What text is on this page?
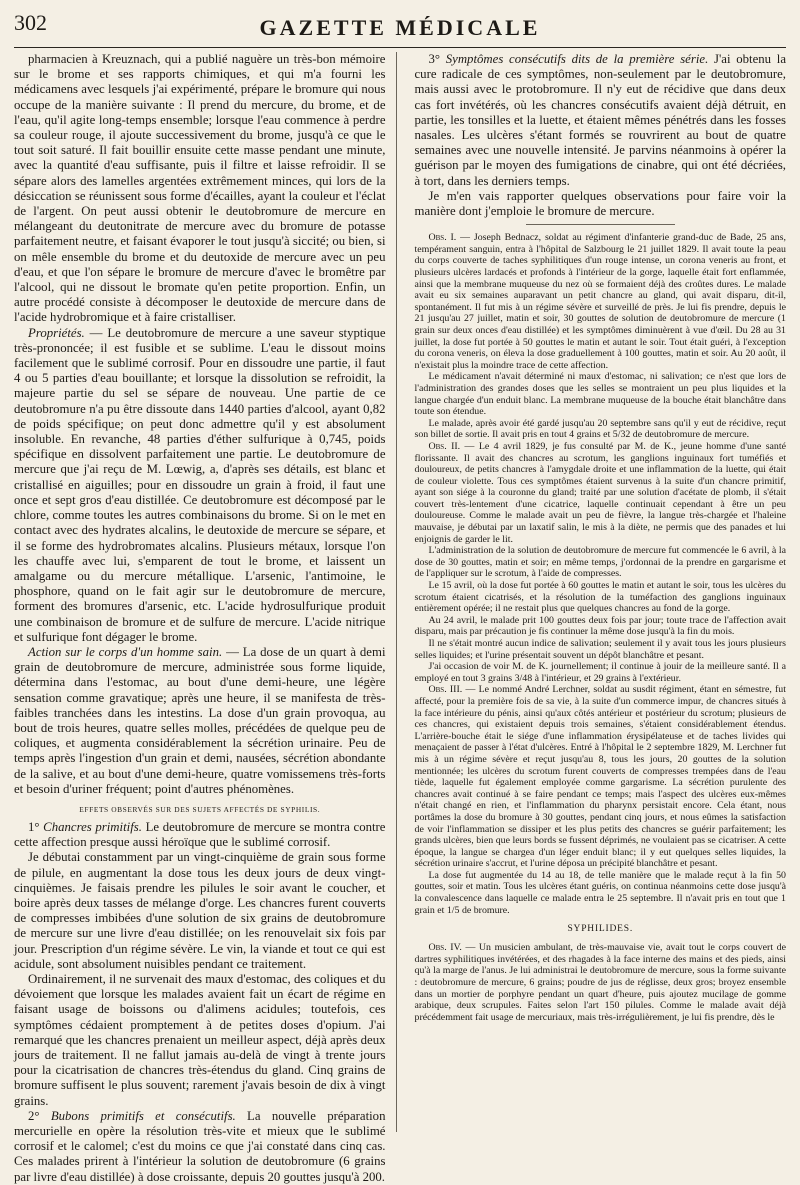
302	GAZETTE MÉDICALE

pharmacien à Kreuznach, qui a publié naguère un très-bon mémoire sur le brome et ses rapports chimiques, et qui m'a fourni les médicamens avec lesquels j'ai expérimenté, prépare le bromure qui nous occupe de la manière suivante : Il prend du mercure, du brome, et de l'eau, qu'il agite long-temps ensemble; lorsque l'eau commence à perdre sa couleur rouge, il ajoute successivement du brome, jusqu'à ce que le tout soit saturé. Il fait bouillir ensuite cette masse pendant une minute, avec la quantité d'eau suffisante, puis il filtre et laisse refroidir. Il se sépare alors des lamelles argentées extrêmement minces, qui lors de la désiccation se réunissent sous forme d'écailles, ayant la couleur et l'éclat de l'argent. On peut aussi obtenir le deutobromure de mercure en mélangeant du deutonitrate de mercure avec du bromure de potasse parfaitement neutre, et faisant évaporer le tout jusqu'à siccité; ou bien, si on mêle ensemble du brome et du deutoxide de mercure avec un peu d'eau, et que l'on sépare le bromure de mercure d'avec le bromêtre par l'alcool, qui ne dissout le bromate qu'en petite proportion. Enfin, un autre procédé consiste à décomposer le deutoxide de mercure dans de l'acide hydrobromique et à faire cristalliser.

Propriétés. — Le deutobromure de mercure a une saveur styptique très-prononcée; il est fusible et se sublime. L'eau le dissout moins facilement que le sublimé corrosif. Pour en dissoudre une partie, il faut 4 ou 5 parties d'eau bouillante; et lorsque la dissolution se refroidit, la majeure partie du sel se sépare de nouveau. Une partie de ce deutobromure n'a pu être dissoute dans 1440 parties d'alcool, ayant 0,82 de poids spécifique; on peut donc admettre qu'il y est absolument insoluble. En revanche, 48 parties d'éther sulfurique à 0,745, poids spécifique en dissolvent parfaitement une partie. Le deutobromure de mercure que j'ai reçu de M. Lœwig, a, d'après ses détails, est blanc et cristallisé en aiguilles; pour en dissoudre un grain à froid, il faut une once et sept gros d'eau distillée. Ce deutobromure est décomposé par le chlore, comme toutes les autres combinaisons du brome. Si on le met en contact avec des hydrates alcalins, le deutoxide de mercure se sépare, et il se forme des hydrobromates alcalins. Plusieurs métaux, lorsque l'on les chauffe avec lui, s'emparent de tout le brome, et laissent un amalgame ou du mercure métallique. L'arsenic, l'antimoine, le phosphore, quand on le fait agir sur le deutobromure de mercure, forment des bromures d'arsenic, etc. L'acide hydrosulfurique produit une combinaison de bromure et de sulfure de mercure. L'acide nitrique et sulfurique font dégager le brome.

Action sur le corps d'un homme sain. — La dose de un quart à demi grain de deutobromure de mercure, administrée sous forme liquide, détermina dans l'estomac, au bout d'une demi-heure, une légère sensation comme gravatique; après une heure, il se manifesta de très-faibles tranchées dans les intestins. La dose d'un grain provoqua, au bout de trois heures, quatre selles molles, précédées de quelque peu de coliques, et augmenta considérablement la sécrétion urinaire. Peu de temps après l'ingestion d'un grain et demi, nausées, sécrétion abondante de la salive, et au bout d'une demi-heure, quatre vomissemens très-forts et besoin d'uriner fréquent; point d'autres phénomènes.

EFFETS OBSERVÉS SUR DES SUJETS AFFECTÉS DE SYPHILIS.

1° Chancres primitifs. Le deutobromure de mercure se montra contre cette affection presque aussi héroïque que le sublimé corrosif.

Je débutai constamment par un vingt-cinquième de grain sous forme de pilule, en augmentant la dose tous les deux jours de deux vingt-cinquièmes. Je faisais prendre les pilules le soir avant le coucher, et boire après deux tasses de mélange d'orge. Les chancres furent couverts de compresses imbibées d'une solution de six grains de deutobromure de mercure sur une livre d'eau distillée; on les renouvelait six fois par jour. Prescription d'un régime sévère. Le vin, la viande et tout ce qui est acidule, sont absolument nuisibles pendant ce traitement.

Ordinairement, il ne survenait des maux d'estomac, des coliques et du dévoiement que lorsque les malades avaient fait un écart de régime en faisant usage de boissons ou d'alimens acidules; toutefois, ces symptômes cédaient promptement à de petites doses d'opium. J'ai remarqué que les chancres prenaient un meilleur aspect, déjà après deux jours de traitement. Il ne fallut jamais au-delà de vingt à trente jours pour la cicatrisation de chancres très-étendus du gland. Cinq grains de bromure suffisent le plus souvent; rarement j'avais besoin de dix à vingt grains.

2° Bubons primitifs et consécutifs. La nouvelle préparation mercurielle en opère la résolution très-vite et mieux que le sublimé corrosif et le calomel; c'est du moins ce que j'ai constaté dans cinq cas. Ces malades prirent à l'intérieur la solution de deutobromure (6 grains par livre d'eau distillée) à dose croissante, depuis 20 gouttes jusqu'à 200.

3° Symptômes consécutifs dits de la première série. J'ai obtenu la cure radicale de ces symptômes, non-seulement par le deutobromure, mais aussi avec le protobromure. Il n'y eut de récidive que dans deux cas fort invétérés, où les chancres consécutifs avaient déjà détruit, en partie, les tonsilles et la luette, et étaient mêmes pénétrés dans les fosses nasales. Les ulcères s'étant formés se rouvrirent au bout de quatre semaines avec une nouvelle intensité. Je parvins néanmoins à opérer la guérison par le moyen des fumigations de cinabre, qui ont été décriées, à tort, dans les derniers temps.

Je m'en vais rapporter quelques observations pour faire voir la manière dont j'emploie le bromure de mercure.

Obs. I. — Joseph Bednacz, soldat au régiment d'infanterie grand-duc de Bade, 25 ans, tempérament sanguin, entra à l'hôpital de Salzbourg le 21 juillet 1829. Il avait toute la peau du corps couverte de taches syphilitiques d'un rouge intense, un corona veneris au front, et plusieurs ulcères lardacés et profonds à l'intérieur de la gorge, laquelle était fort enflammée, ainsi que la membrane muqueuse du nez où se formaient déjà des croûtes dures. Le malade avait eu six semaines auparavant un petit chancre au gland, qui avait disparu, dit-il, spontanément. Il fut mis à un régime sévère et surveillé de près. Je lui fis prendre, depuis le 21 jusqu'au 27 juillet, matin et soir, 30 gouttes de solution de deutobromure de mercure (1 grain sur deux onces d'eau distillée) et les symptômes diminuèrent à vue d'œil. Du 28 au 31 juillet, la dose fut portée à 50 gouttes le matin et autant le soir. Tout était guéri, à l'exception du corona veneris, on éleva la dose graduellement à 100 gouttes, matin et soir. Au 20 août, il n'existait plus la moindre trace de cette affection.

Le médicament n'avait déterminé ni maux d'estomac, ni salivation; ce n'est que lors de l'administration des grandes doses que les selles se montraient un peu plus liquides et la langue chargée d'un enduit blanc. La membrane muqueuse de la bouche était blanchâtre dans toute son étendue.

Le malade, après avoir été gardé jusqu'au 20 septembre sans qu'il y eut de récidive, reçut son billet de sortie. Il avait pris en tout 4 grains et 5/32 de deutobromure de mercure.

Obs. II. — Le 4 avril 1829, je fus consulté par M. de K., jeune homme d'une santé florissante. Il avait des chancres au scrotum, les ganglions inguinaux fort tuméfiés et douloureux, de petits chancres à l'amygdale droite et une inflammation de la luette, qui était de couleur violette. Tous ces symptômes étaient survenus à la suite d'un chancre primitif, ayant son siége à la couronne du gland; traité par une solution d'acétate de plomb, il s'était couvert très-lentement d'une cicatrice, laquelle continuait cependant à être un peu douloureuse. Comme le malade avait un peu de fièvre, la langue très-chargée et l'haleine mauvaise, je débutai par un laxatif salin, le mis à la diète, ne permis que des panades et lui enjoignis de garder le lit.

L'administration de la solution de deutobromure de mercure fut commencée le 6 avril, à la dose de 30 gouttes, matin et soir; en même temps, j'ordonnai de la prendre en gargarisme et de l'appliquer sur le scrotum, à l'aide de compresses.

Le 15 avril, où la dose fut portée à 60 gouttes le matin et autant le soir, tous les ulcères du scrotum étaient cicatrisés, et la résolution de la tuméfaction des ganglions inguinaux entièrement opérée; il ne restait plus que quelques chancres au fond de la gorge.

Au 24 avril, le malade prit 100 gouttes deux fois par jour; toute trace de l'affection avait disparu, mais par précaution je fis continuer la même dose jusqu'à la fin du mois.

Il ne s'était montré aucun indice de salivation; seulement il y avait tous les jours plusieurs selles liquides; et l'urine présentait souvent un dépôt blanchâtre et pesant.

J'ai occasion de voir M. de K. journellement; il continue à jouir de la meilleure santé. Il a employé en tout 3 grains 3/48 à l'intérieur, et 29 grains à l'extérieur.

Obs. III. — Le nommé André Lerchner, soldat au susdit régiment, étant en sémestre, fut affecté, pour la première fois de sa vie, à la suite d'un commerce impur, de chancres situés à la face intérieure du pénis, ainsi qu'aux côtés antérieur et postérieur du scrotum; plusieurs de ces chancres, qui existaient depuis trois semaines, s'étaient considérablement étendus. L'arrière-bouche était le siége d'une inflammation érysipélateuse et de taches livides qui menaçaient de passer à l'état d'ulcères. Entré à l'hôpital le 2 septembre 1829, M. Lerchner fut mis à un régime sévère et reçut jusqu'au 8, tous les jours, 20 gouttes de la solution mentionnée; les ulcères du scrotum furent couverts de compresses trempées dans de l'eau tiède, laquelle fut également employée comme gargarisme. La sécrétion purulente des chancres avait continué à se faire pendant ce temps; mais l'aspect des ulcères eux-mêmes n'était changé en rien, et l'inflammation du pharynx persistait encore. Cela étant, nous portâmes la dose du bromure à 30 gouttes, pendant cinq jours, et nous eûmes la satisfaction de voir l'inflammation se dissiper et les plus petits des chancres se guérir parfaitement; les grands ulcères, bien que leurs bords se fussent déprimés, ne voulaient pas se cicatriser. A cette époque, la langue se chargea d'un léger enduit blanc; il y eut quelques selles liquides, la sécrétion urinaire s'accrut, et l'urine déposa un précipité blanchâtre et pesant.

La dose fut augmentée du 14 au 18, de telle manière que le malade reçut à la fin 50 gouttes, soir et matin. Tous les ulcères étant guéris, on continua néanmoins cette dose jusqu'à la convalescence dans laquelle ce malade entra le 25 septembre. Il n'avait pris en tout que 1 grain et 1/5 de bromure.

SYPHILIDES.

Obs. IV. — Un musicien ambulant, de très-mauvaise vie, avait tout le corps couvert de dartres syphilitiques invétérées, et des rhagades à la face interne des mains et des pieds, ainsi qu'à la marge de l'anus. Je lui administrai le deutobromure de mercure, sous la forme suivante : deutobromure de mercure, 6 grains; poudre de jus de réglisse, deux gros; broyez ensemble dans un mortier de porphyre pendant un quart d'heure, puis ajoutez mucilage de gomme arabique, deux scrupules. Faites selon l'art 150 pilules. Comme le malade avait déjà précédemment fait usage de mercuriaux, mais très-irrégulièrement, je lui fis prendre, dès le
